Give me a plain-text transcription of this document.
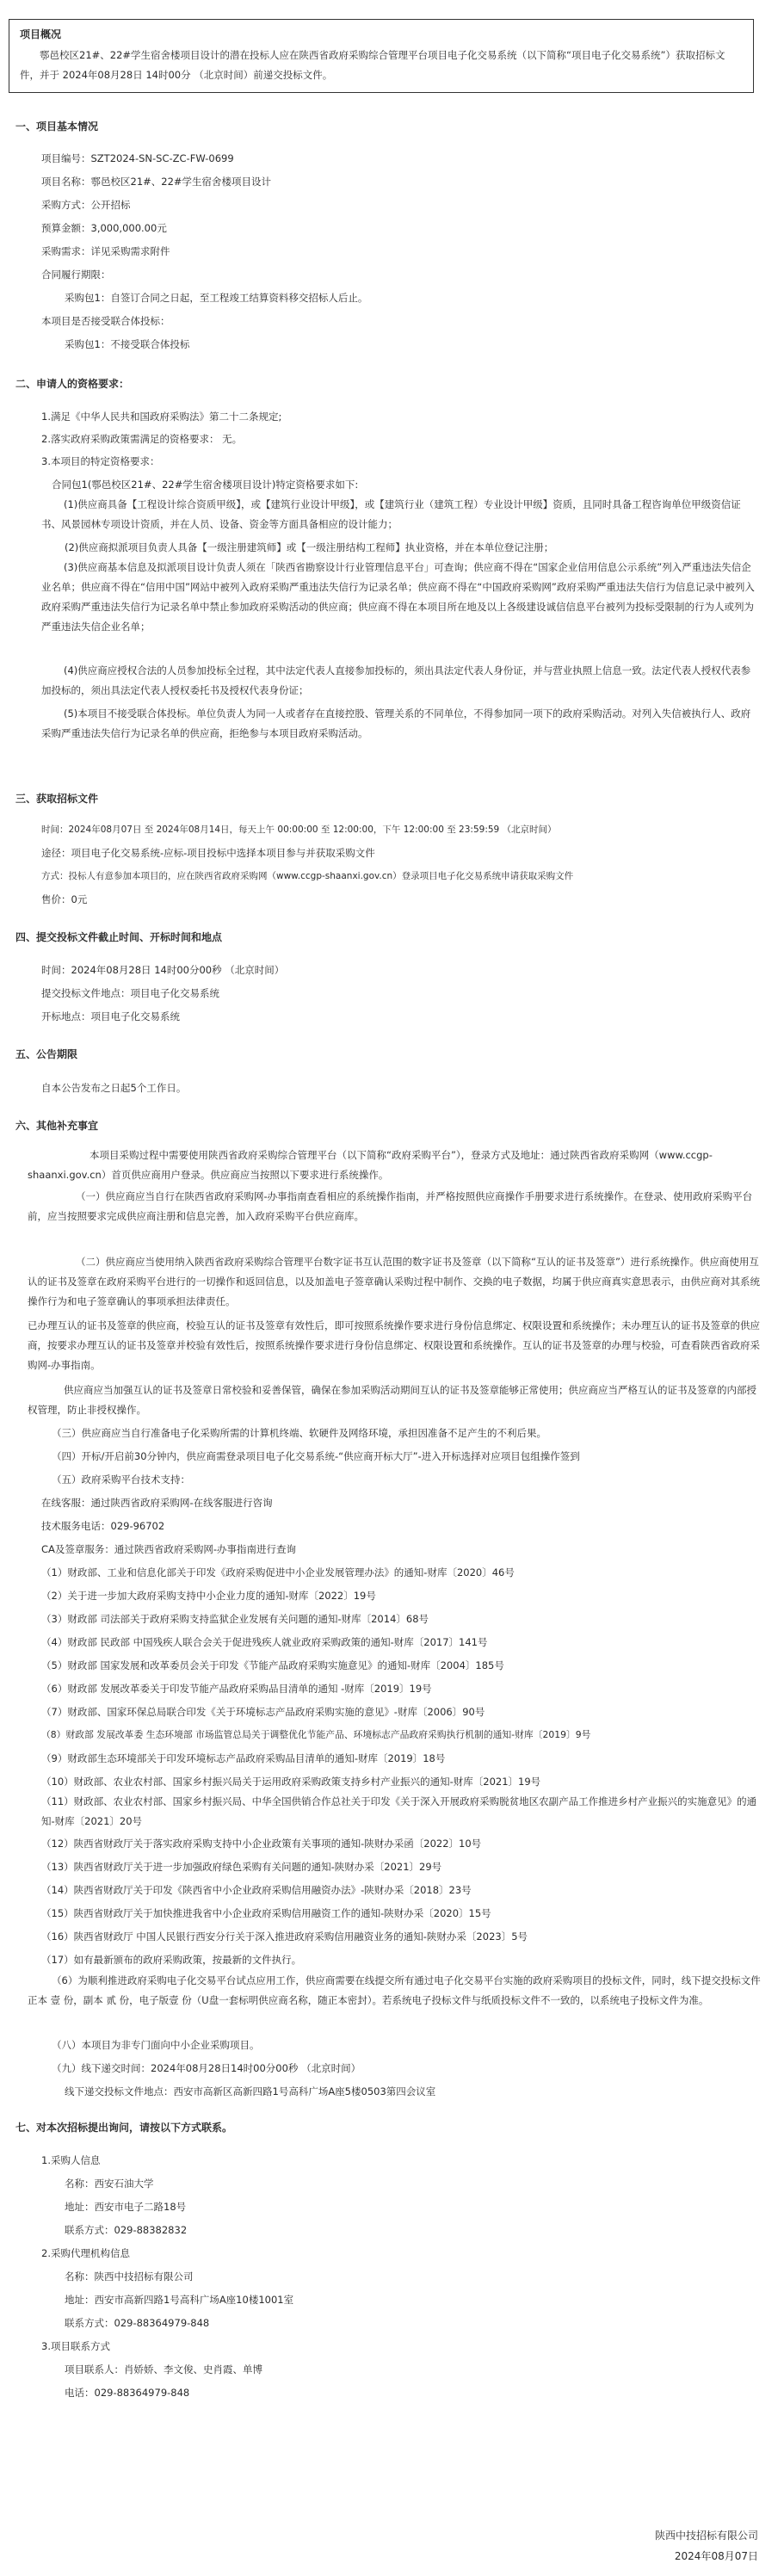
项目概况
鄠邑校区21#、22#学生宿舍楼项目设计的潜在投标人应在陕西省政府采购综合管理平台项目电子化交易系统（以下简称“项目电子化交易系统”）获取招标文件，并于 2024年08月28日 14时00分 （北京时间）前递交投标文件。
一、项目基本情况
项目编号：SZT2024-SN-SC-ZC-FW-0699
项目名称：鄠邑校区21#、22#学生宿舍楼项目设计
采购方式：公开招标
预算金额：3,000,000.00元
采购需求：详见采购需求附件
合同履行期限：
采购包1：自签订合同之日起，至工程竣工结算资料移交招标人后止。
本项目是否接受联合体投标：
采购包1：不接受联合体投标
二、申请人的资格要求：
1.满足《中华人民共和国政府采购法》第二十二条规定;
2.落实政府采购政策需满足的资格要求： 无。
3.本项目的特定资格要求：
合同包1(鄠邑校区21#、22#学生宿舍楼项目设计)特定资格要求如下:
(1)供应商具备【工程设计综合资质甲级】，或【建筑行业设计甲级】，或【建筑行业（建筑工程）专业设计甲级】资质，且同时具备工程咨询单位甲级资信证书、风景园林专项设计资质，并在人员、设备、资金等方面具备相应的设计能力；
(2)供应商拟派项目负责人具备【一级注册建筑师】或【一级注册结构工程师】执业资格，并在本单位登记注册；
(3)供应商基本信息及拟派项目设计负责人须在「陕西省勘察设计行业管理信息平台」可查询；供应商不得在“国家企业信用信息公示系统”列入严重违法失信企业名单；供应商不得在“信用中国”网站中被列入政府采购严重违法失信行为记录名单；供应商不得在“中国政府采购网”政府采购严重违法失信行为信息记录中被列入政府采购严重违法失信行为记录名单中禁止参加政府采购活动的供应商；供应商不得在本项目所在地及以上各级建设诚信信息平台被列为投标受限制的行为人或列为严重违法失信企业名单；
(4)供应商应授权合法的人员参加投标全过程，其中法定代表人直接参加投标的，须出具法定代表人身份证，并与营业执照上信息一致。法定代表人授权代表参加投标的，须出具法定代表人授权委托书及授权代表身份证；
(5)本项目不接受联合体投标。单位负责人为同一人或者存在直接控股、管理关系的不同单位，不得参加同一项下的政府采购活动。对列入失信被执行人、政府采购严重违法失信行为记录名单的供应商，拒绝参与本项目政府采购活动。
三、获取招标文件
时间：2024年08月07日 至 2024年08月14日，每天上午 00:00:00 至 12:00:00，下午 12:00:00 至 23:59:59 （北京时间）
途径：项目电子化交易系统-应标-项目投标中选择本项目参与并获取采购文件
方式：投标人有意参加本项目的，应在陕西省政府采购网（www.ccgp-shaanxi.gov.cn）登录项目电子化交易系统申请获取采购文件
售价：0元
四、提交投标文件截止时间、开标时间和地点
时间：2024年08月28日 14时00分00秒 （北京时间）
提交投标文件地点：项目电子化交易系统
开标地点：项目电子化交易系统
五、公告期限
自本公告发布之日起5个工作日。
六、其他补充事宜
本项目采购过程中需要使用陕西省政府采购综合管理平台（以下简称“政府采购平台”），登录方式及地址：通过陕西省政府采购网（www.ccgp-shaanxi.gov.cn）首页供应商用户登录。供应商应当按照以下要求进行系统操作。
（一）供应商应当自行在陕西省政府采购网-办事指南查看相应的系统操作指南，并严格按照供应商操作手册要求进行系统操作。在登录、使用政府采购平台前，应当按照要求完成供应商注册和信息完善，加入政府采购平台供应商库。
（二）供应商应当使用纳入陕西省政府采购综合管理平台数字证书互认范围的数字证书及签章（以下简称“互认的证书及签章”）进行系统操作。供应商使用互认的证书及签章在政府采购平台进行的一切操作和返回信息，以及加盖电子签章确认采购过程中制作、交换的电子数据，均属于供应商真实意思表示，由供应商对其系统操作行为和电子签章确认的事项承担法律责任。
已办理互认的证书及签章的供应商，校验互认的证书及签章有效性后，即可按照系统操作要求进行身份信息绑定、权限设置和系统操作；未办理互认的证书及签章的供应商，按要求办理互认的证书及签章并校验有效性后，按照系统操作要求进行身份信息绑定、权限设置和系统操作。互认的证书及签章的办理与校验，可查看陕西省政府采购网-办事指南。
供应商应当加强互认的证书及签章日常校验和妥善保管，确保在参加采购活动期间互认的证书及签章能够正常使用；供应商应当严格互认的证书及签章的内部授权管理，防止非授权操作。
（三）供应商应当自行准备电子化采购所需的计算机终端、软硬件及网络环境，承担因准备不足产生的不利后果。
（四）开标/开启前30分钟内，供应商需登录项目电子化交易系统-“供应商开标大厅”-进入开标选择对应项目包组操作签到
（五）政府采购平台技术支持：
在线客服：通过陕西省政府采购网-在线客服进行咨询
技术服务电话：029-96702
CA及签章服务：通过陕西省政府采购网-办事指南进行查询
（1）财政部、工业和信息化部关于印发《政府采购促进中小企业发展管理办法》的通知-财库〔2020〕46号
（2）关于进一步加大政府采购支持中小企业力度的通知-财库〔2022〕19号
（3）财政部 司法部关于政府采购支持监狱企业发展有关问题的通知-财库〔2014〕68号
（4）财政部 民政部 中国残疾人联合会关于促进残疾人就业政府采购政策的通知-财库〔2017〕141号
（5）财政部 国家发展和改革委员会关于印发《节能产品政府采购实施意见》的通知-财库〔2004〕185号
（6）财政部 发展改革委关于印发节能产品政府采购品目清单的通知 -财库〔2019〕19号
（7）财政部、国家环保总局联合印发《关于环境标志产品政府采购实施的意见》-财库〔2006〕90号
（8）财政部 发展改革委 生态环境部 市场监管总局关于调整优化节能产品、环境标志产品政府采购执行机制的通知-财库〔2019〕9号
（9）财政部生态环境部关于印发环境标志产品政府采购品目清单的通知-财库〔2019〕18号
（10）财政部、农业农村部、国家乡村振兴局关于运用政府采购政策支持乡村产业振兴的通知-财库〔2021〕19号
（11）财政部、农业农村部、国家乡村振兴局、中华全国供销合作总社关于印发《关于深入开展政府采购脱贫地区农副产品工作推进乡村产业振兴的实施意见》的通知-财库〔2021〕20号
（12）陕西省财政厅关于落实政府采购支持中小企业政策有关事项的通知-陕财办采函〔2022〕10号
（13）陕西省财政厅关于进一步加强政府绿色采购有关问题的通知-陕财办采〔2021〕29号
（14）陕西省财政厅关于印发《陕西省中小企业政府采购信用融资办法》-陕财办采〔2018〕23号
（15）陕西省财政厅关于加快推进我省中小企业政府采购信用融资工作的通知-陕财办采〔2020〕15号
（16）陕西省财政厅 中国人民银行西安分行关于深入推进政府采购信用融资业务的通知-陕财办采〔2023〕5号
（17）如有最新颁布的政府采购政策，按最新的文件执行。
（6）为顺利推进政府采购电子化交易平台试点应用工作，供应商需要在线提交所有通过电子化交易平台实施的政府采购项目的投标文件，同时，线下提交投标文件正本 壹 份，副本 贰 份，电子版壹 份（U盘一套标明供应商名称，随正本密封）。若系统电子投标文件与纸质投标文件不一致的，以系统电子投标文件为准。
（八）本项目为非专门面向中小企业采购项目。
（九）线下递交时间：2024年08月28日14时00分00秒 （北京时间）
线下递交投标文件地点：西安市高新区高新四路1号高科广场A座5楼0503第四会议室
七、对本次招标提出询问，请按以下方式联系。
1.采购人信息
名称：西安石油大学
地址：西安市电子二路18号
联系方式：029-88382832
2.采购代理机构信息
名称：陕西中技招标有限公司
地址：西安市高新四路1号高科广场A座10楼1001室
联系方式：029-88364979-848
3.项目联系方式
项目联系人：肖娇娇、李文俊、史肖霞、单博
电话：029-88364979-848
陕西中技招标有限公司
2024年08月07日
